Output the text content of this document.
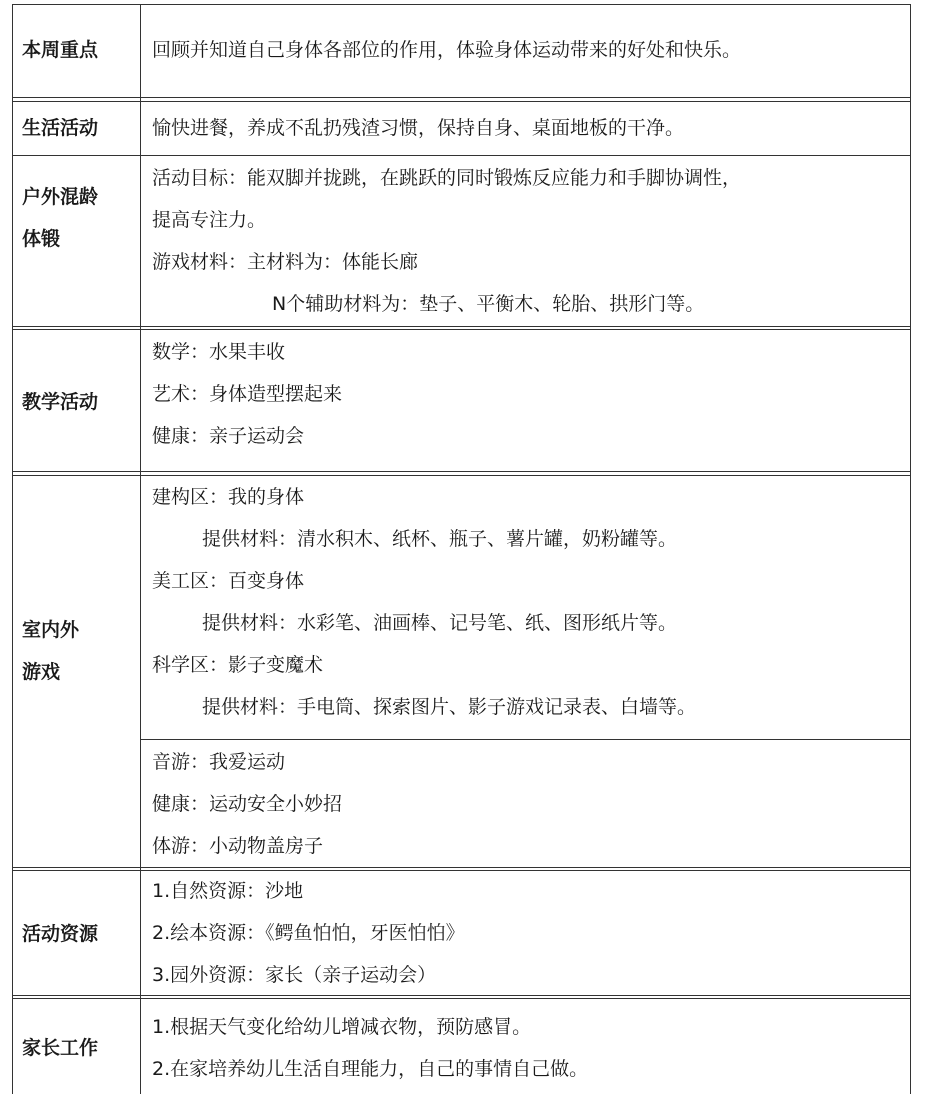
本周重点	回顾并知道自己身体各部位的作用，体验身体运动带来的好处和快乐。
生活活动	愉快进餐，养成不乱扔残渣习惯，保持自身、桌面地板的干净。
户外混龄
体锻
活动目标：能双脚并拢跳，在跳跃的同时锻炼反应能力和手脚协调性，
提高专注力。
游戏材料：主材料为：体能长廊
N个辅助材料为：垫子、平衡木、轮胎、拱形门等。
教学活动
数学：水果丰收
艺术：身体造型摆起来
健康：亲子运动会
室内外
游戏
建构区：我的身体
提供材料：清水积木、纸杯、瓶子、薯片罐，奶粉罐等。
美工区：百变身体
提供材料：水彩笔、油画棒、记号笔、纸、图形纸片等。
科学区：影子变魔术
提供材料：手电筒、探索图片、影子游戏记录表、白墙等。
音游：我爱运动
健康：运动安全小妙招
体游：小动物盖房子
活动资源
1.自然资源：沙地
2.绘本资源：《鳄鱼怕怕，牙医怕怕》
3.园外资源：家长（亲子运动会）
家长工作
1.根据天气变化给幼儿增减衣物，预防感冒。
2.在家培养幼儿生活自理能力，自己的事情自己做。
